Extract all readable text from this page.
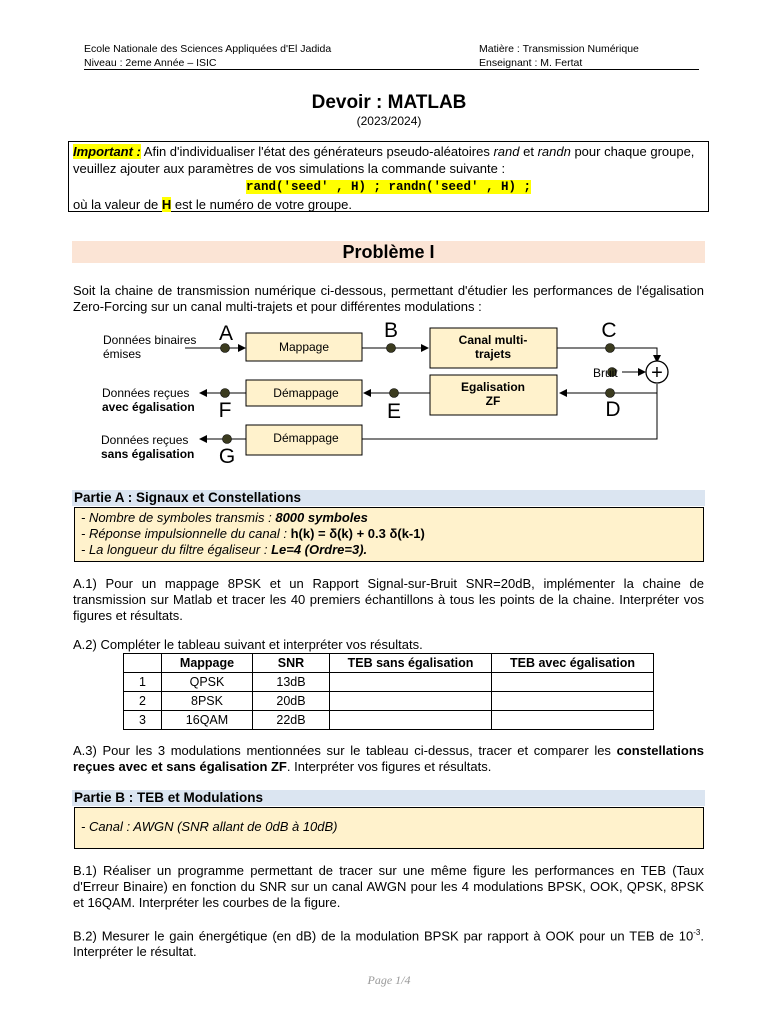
Ecole Nationale des Sciences Appliquées d'El Jadida
Niveau : 2eme Année – ISIC
Matière : Transmission Numérique
Enseignant : M. Fertat
Devoir : MATLAB
(2023/2024)
Important : Afin d'individualiser l'état des générateurs pseudo-aléatoires rand et randn pour chaque groupe, veuillez ajouter aux paramètres de vos simulations la commande suivante :
rand('seed' , H) ; randn('seed' , H) ;
où la valeur de H est le numéro de votre groupe.
Problème I
Soit la chaine de transmission numérique ci-dessous, permettant d'étudier les performances de l'égalisation Zero-Forcing sur un canal multi-trajets et pour différentes modulations :
Mappage	Canal multi-
trajets
Egalisation
ZF
Démappage
Démappage
+
Données binaires
émises
Bruit
Données reçues
avec égalisation
Données reçues
sans égalisation
A	B	C
D
E
F
G
Partie A : Signaux et Constellations
- Nombre de symboles transmis : 8000 symboles
- Réponse impulsionnelle du canal : h(k) = δ(k) + 0.3 δ(k-1)
- La longueur du filtre égaliseur : Le=4 (Ordre=3).
A.1) Pour un mappage 8PSK et un Rapport Signal-sur-Bruit SNR=20dB, implémenter la chaine de transmission sur Matlab et tracer les 40 premiers échantillons à tous les points de la chaine. Interpréter vos figures et résultats.
A.2) Compléter le tableau suivant et interpréter vos résultats.
	Mappage	SNR	TEB sans égalisation	TEB avec égalisation
1	QPSK	13dB		
2	8PSK	20dB		
3	16QAM	22dB		
A.3) Pour les 3 modulations mentionnées sur le tableau ci-dessus, tracer et comparer les constellations reçues avec et sans égalisation ZF. Interpréter vos figures et résultats.
Partie B : TEB et Modulations
- Canal : AWGN (SNR allant de 0dB à 10dB)
B.1) Réaliser un programme permettant de tracer sur une même figure les performances en TEB (Taux d'Erreur Binaire) en fonction du SNR sur un canal AWGN pour les 4 modulations BPSK, OOK, QPSK, 8PSK et 16QAM. Interpréter les courbes de la figure.
B.2) Mesurer le gain énergétique (en dB) de la modulation BPSK par rapport à OOK pour un TEB de $10^{-3}$. Interpréter le résultat.
Page 1/4
